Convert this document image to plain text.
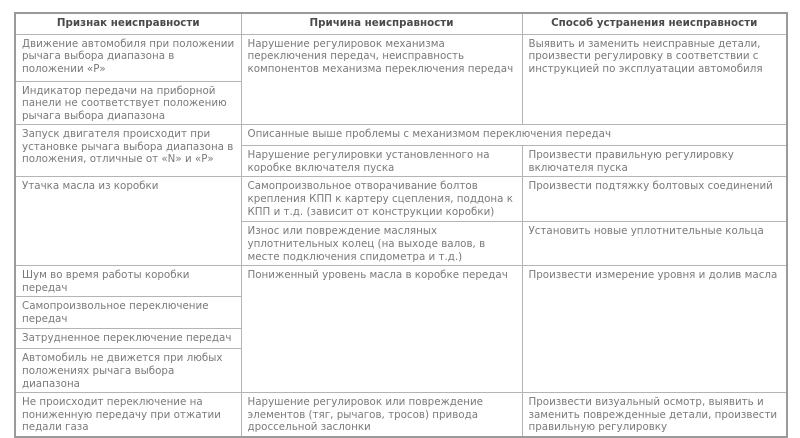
Признак неисправности	Причина неисправности	Способ устранения неисправности
Движение автомобиля при положении рычага выбора диапазона в положении «P»	Нарушение регулировок механизма переключения передач, неисправность компонентов механизма переключения передач	Выявить и заменить неисправные детали, произвести регулировку в соответствии с инструкцией по эксплуатации автомобиля
Индикатор передачи на приборной панели не соответствует положению рычага выбора диапазона		
Запуск двигателя происходит при установке рычага выбора диапазона в положения, отличные от «N» и «P»	Описанные выше проблемы с механизмом переключения передач	
	Нарушение регулировки установленного на коробке включателя пуска	Произвести правильную регулировку включателя пуска
Утачка масла из коробки	Самопроизвольное отворачивание болтов крепления КПП к картеру сцепления, поддона к КПП и т.д. (зависит от конструкции коробки)	Произвести подтяжку болтовых соединений
	Износ или повреждение масляных уплотнительных колец (на выходе валов, в месте подключения спидометра и т.д.)	Установить новые уплотнительные кольца
Шум во время работы коробки передач	Пониженный уровень масла в коробке передач	Произвести измерение уровня и долив масла
Самопроизвольное переключение передач		
Затрудненное переключение передач		
Автомобиль не движется при любых положениях рычага выбора диапазона		
Не происходит переключение на пониженную передачу при отжатии педали газа	Нарушение регулировок или повреждение элементов (тяг, рычагов, тросов) привода дроссельной заслонки	Произвести визуальный осмотр, выявить и заменить поврежденные детали, произвести правильную регулировку
